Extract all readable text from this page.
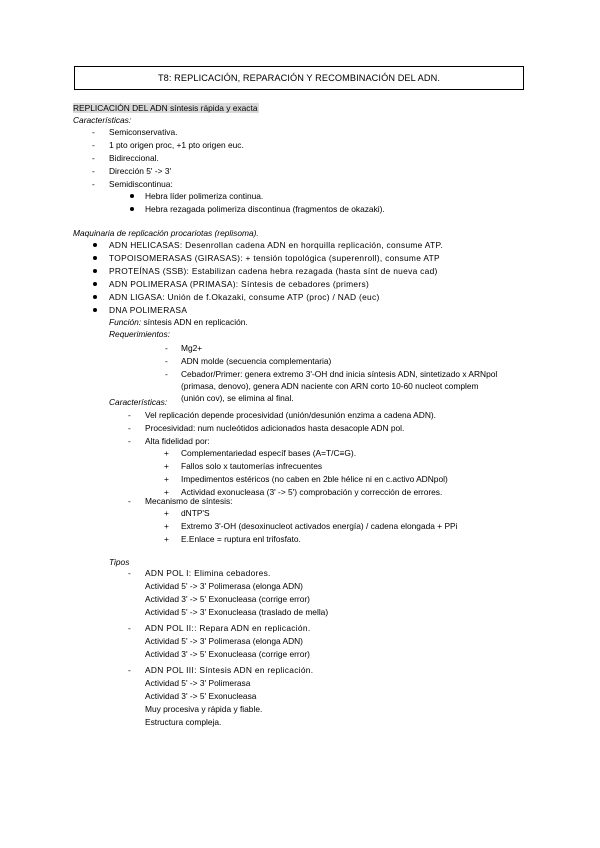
T8: REPLICACIÓN, REPARACIÓN Y RECOMBINACIÓN DEL ADN.
REPLICACIÓN DEL ADN síntesis rápida y exacta
Características:
- Semiconservativa.
- 1 pto origen proc, +1 pto origen euc.
- Bidireccional.
- Dirección 5' -> 3'
- Semidiscontinua:
Hebra líder polimeriza continua.
Hebra rezagada polimeriza discontinua (fragmentos de okazaki).
Maquinaria de replicación procariotas (replisoma).
ADN HELICASAS: Desenrollan cadena ADN en horquilla replicación, consume ATP.
TOPOISOMERASAS (GIRASAS): + tensión topológica (superenroll), consume ATP
PROTEÍNAS (SSB): Estabilizan cadena hebra rezagada (hasta sínt de nueva cad)
ADN POLIMERASA (PRIMASA): Síntesis de cebadores (primers)
ADN LIGASA: Unión de f.Okazaki, consume ATP (proc) / NAD (euc)
DNA POLIMERASA
Función: síntesis ADN en replicación.
Requerimientos:
- Mg2+
- ADN molde (secuencia complementaria)
- Cebador/Primer: genera extremo 3'-OH dnd inicia síntesis ADN, sintetizado x ARNpol
(primasa, denovo), genera ADN naciente con ARN corto 10-60 nucleot complem
(unión cov), se elimina al final.
Características:
- Vel replicación depende procesividad (unión/desunión enzima a cadena ADN).
- Procesividad: num nucleótidos adicionados hasta desacople ADN pol.
- Alta fidelidad por:
+ Complementariedad específ bases (A=T/C≡G).
+ Fallos solo x tautomerías infrecuentes
+ Impedimentos estéricos (no caben en 2ble hélice ni en c.activo ADNpol)
+ Actividad exonucleasa (3' -> 5') comprobación y corrección de errores.
- Mecanismo de síntesis:
+ dNTP'S
+ Extremo 3'-OH (desoxinucleot activados energía) / cadena elongada + PPi
+ E.Enlace = ruptura enl trifosfato.
Tipos
- ADN POL I: Elimina cebadores.
Actividad 5' -> 3' Polimerasa (elonga ADN)
Actividad 3' -> 5' Exonucleasa (corrige error)
Actividad 5' -> 3' Exonucleasa (traslado de mella)
- ADN POL II:: Repara ADN en replicación.
Actividad 5' -> 3' Polimerasa (elonga ADN)
Actividad 3' -> 5' Exonucleasa (corrige error)
- ADN POL III: Síntesis ADN en replicación.
Actividad 5' -> 3' Polimerasa
Actividad 3' -> 5' Exonucleasa
Muy procesiva y rápida y fiable.
Estructura compleja.
